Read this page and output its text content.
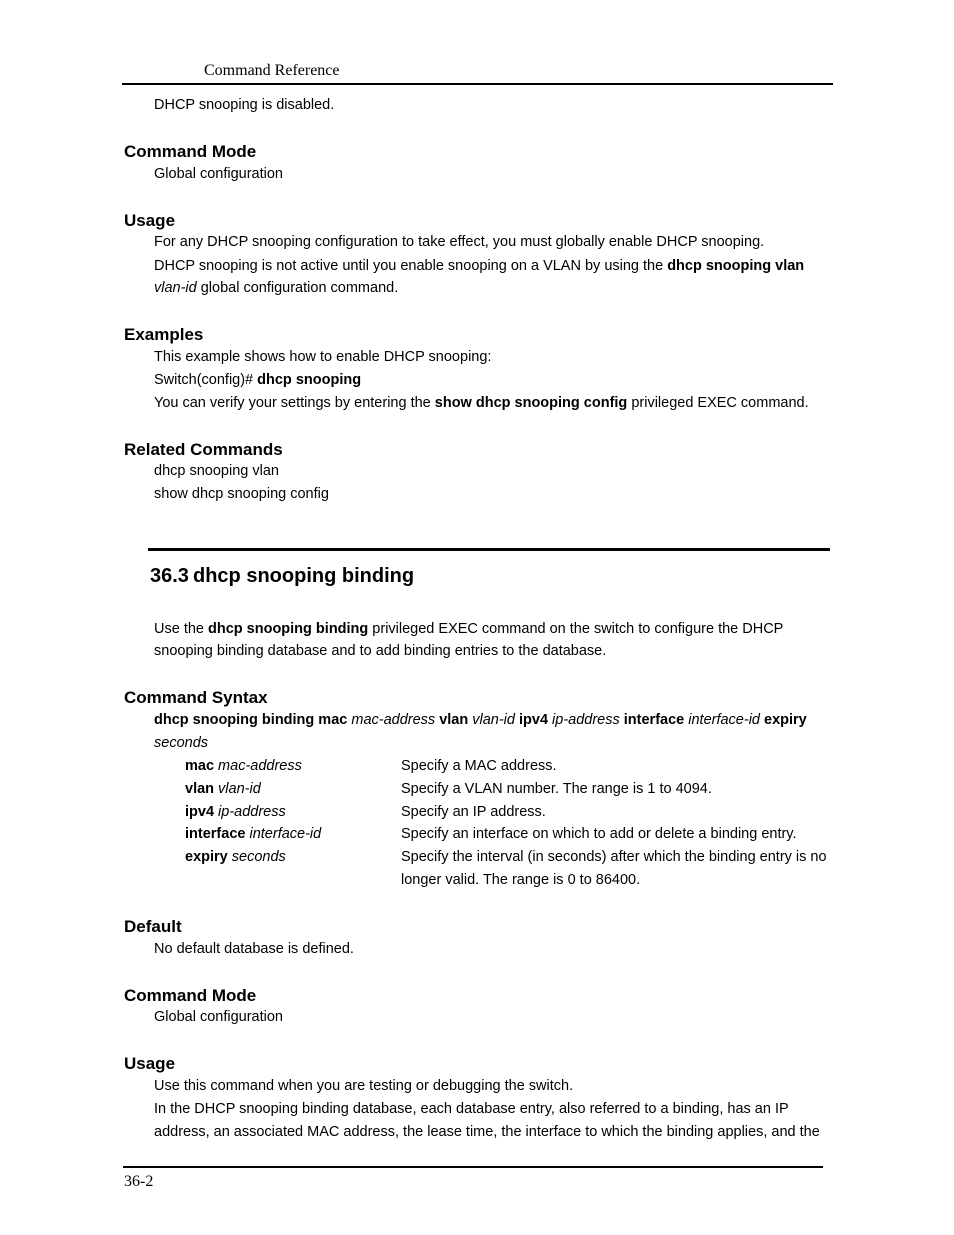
Command Reference
DHCP snooping is disabled.
Command Mode
Global configuration
Usage
For any DHCP snooping configuration to take effect, you must globally enable DHCP snooping.
DHCP snooping is not active until you enable snooping on a VLAN by using the dhcp snooping vlan
vlan-id global configuration command.
Examples
This example shows how to enable DHCP snooping:
Switch(config)# dhcp snooping
You can verify your settings by entering the show dhcp snooping config privileged EXEC command.
Related Commands
dhcp snooping vlan
show dhcp snooping config
36.3 dhcp snooping binding
Use the dhcp snooping binding privileged EXEC command on the switch to configure the DHCP
snooping binding database and to add binding entries to the database.
Command Syntax
dhcp snooping binding mac mac-address vlan vlan-id ipv4 ip-address interface interface-id expiry
seconds
mac mac-address	Specify a MAC address.
vlan vlan-id	Specify a VLAN number. The range is 1 to 4094.
ipv4 ip-address	Specify an IP address.
interface interface-id	Specify an interface on which to add or delete a binding entry.
expiry seconds	Specify the interval (in seconds) after which the binding entry is no
longer valid. The range is 0 to 86400.
Default
No default database is defined.
Command Mode
Global configuration
Usage
Use this command when you are testing or debugging the switch.
In the DHCP snooping binding database, each database entry, also referred to a binding, has an IP
address, an associated MAC address, the lease time, the interface to which the binding applies, and the
36-2
